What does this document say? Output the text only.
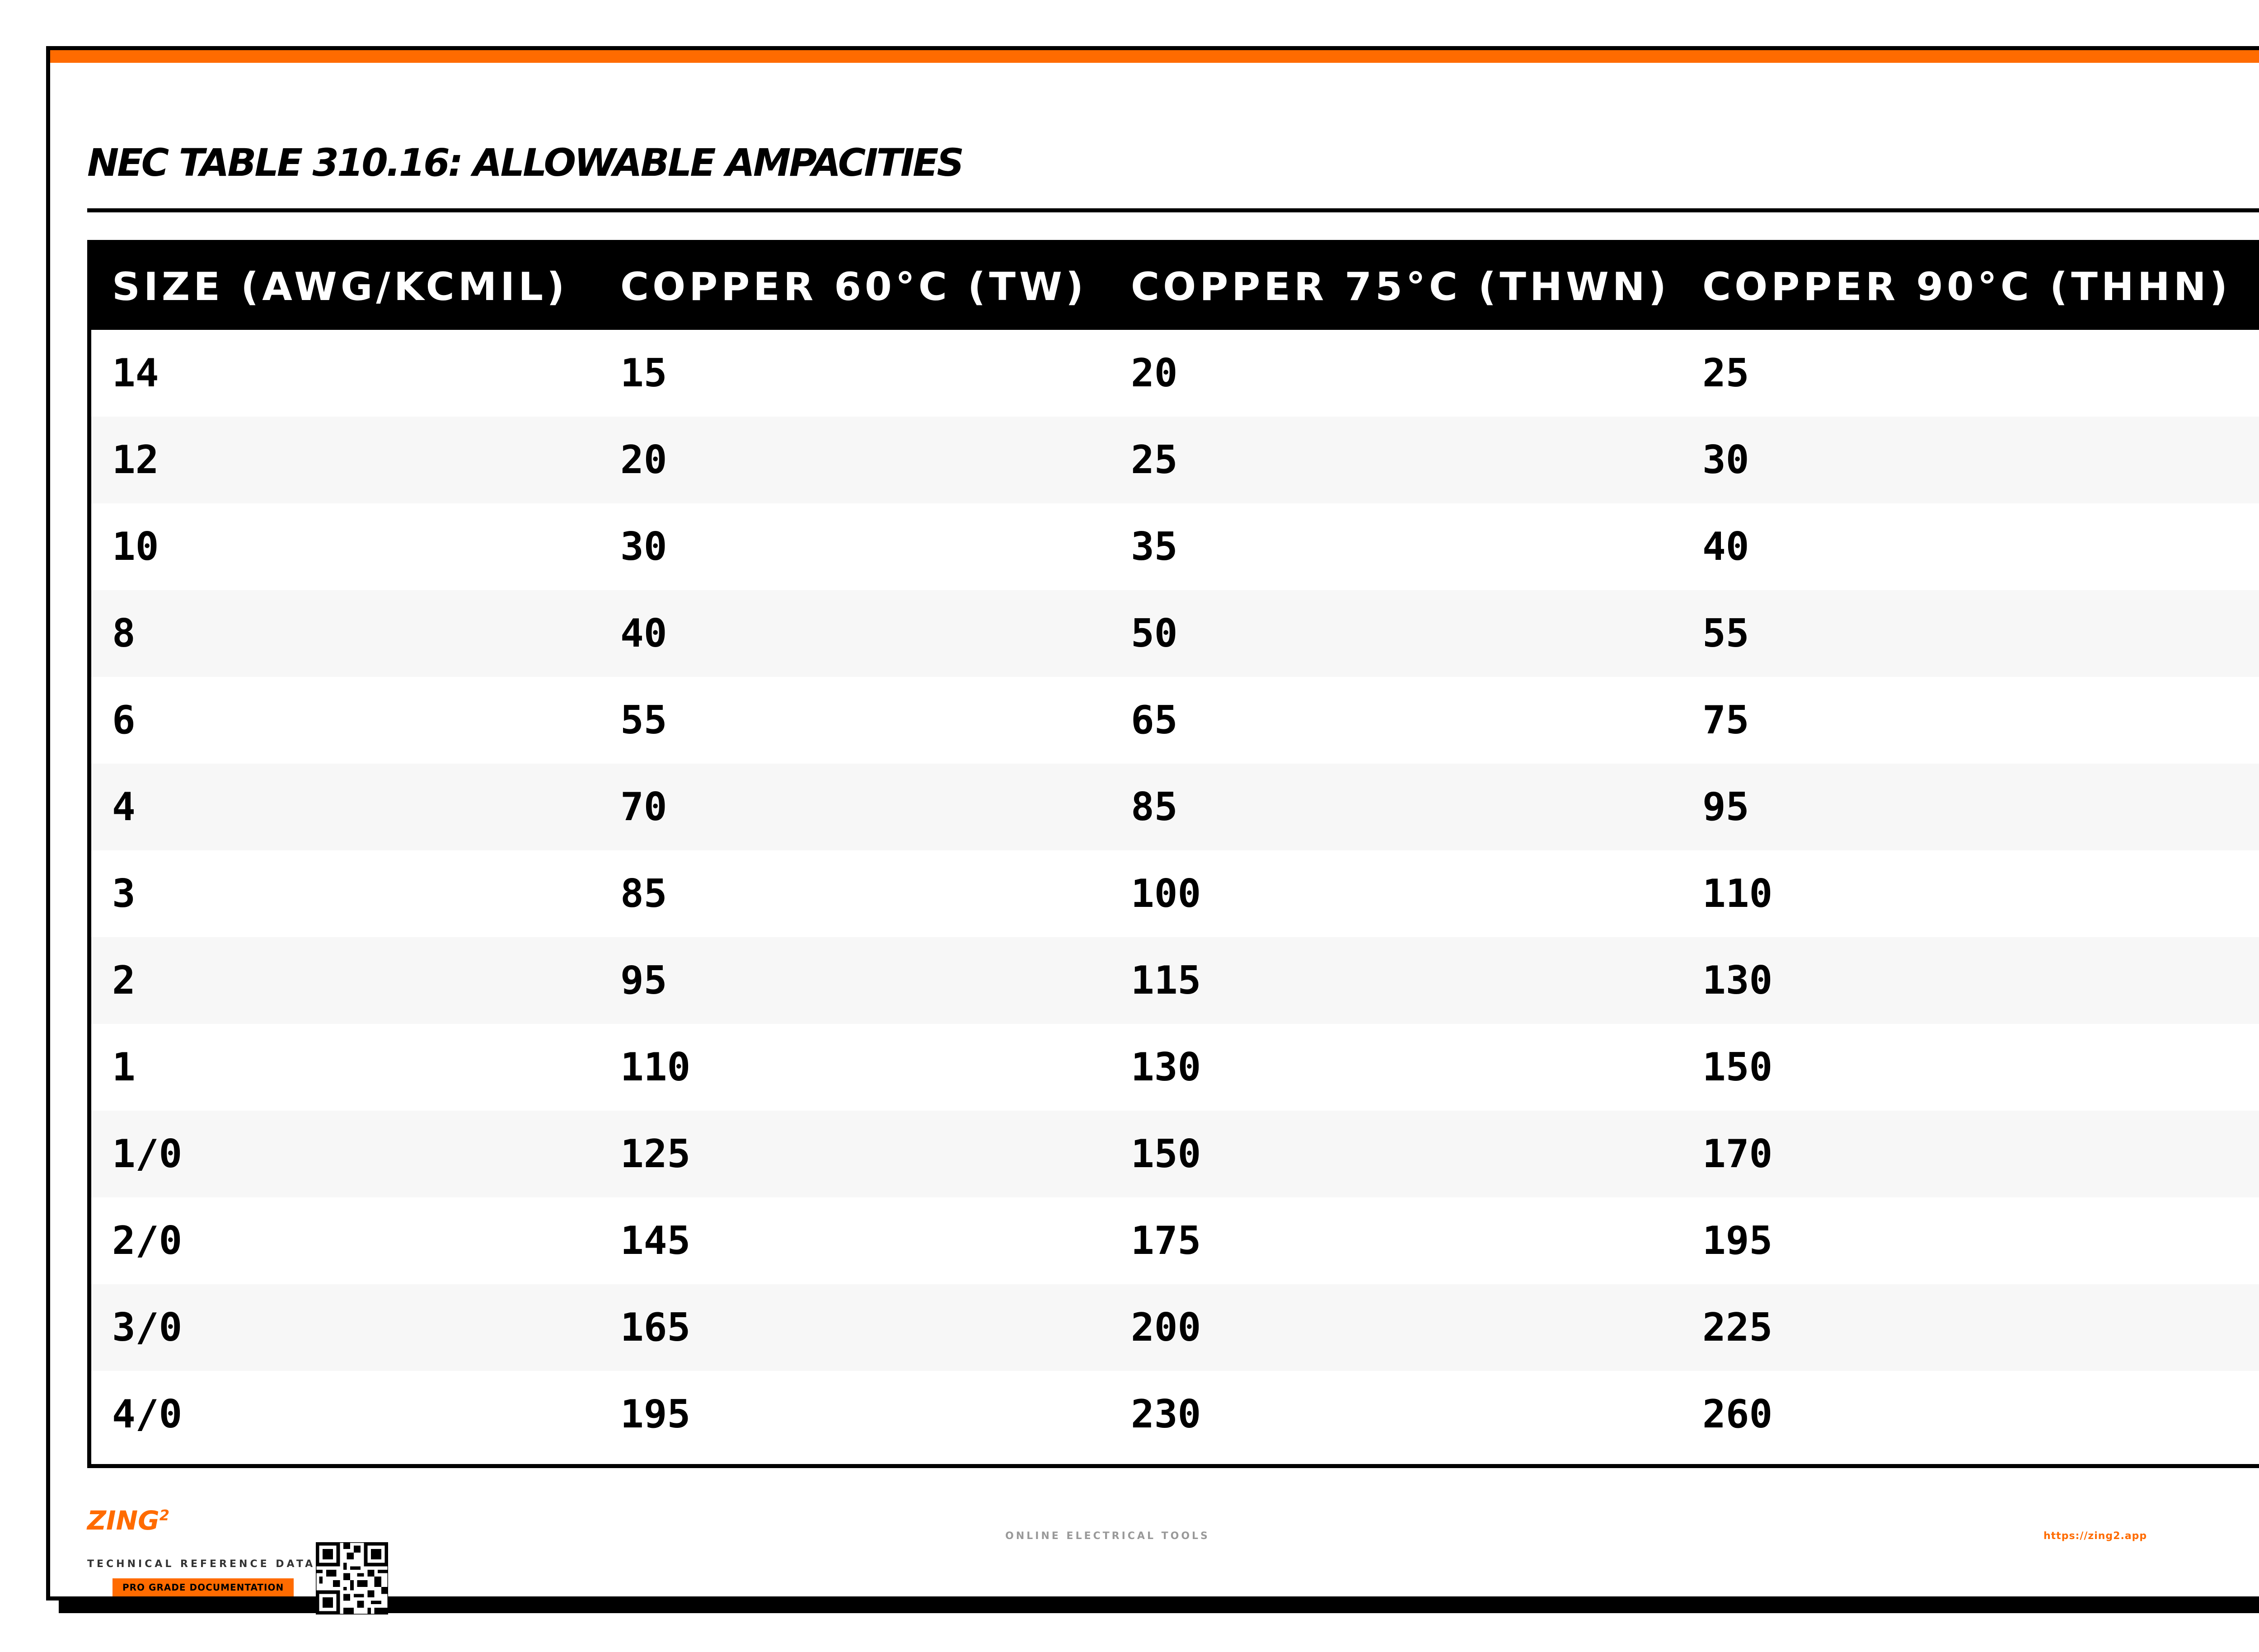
NEC TABLE 310.16: ALLOWABLE AMPACITIES
SIZE (AWG/KCMIL)	COPPER 60°C (TW)	COPPER 75°C (THWN)	COPPER 90°C (THHN)			
14	15	20	25			
12	20	25	30			
10	30	35	40			
8	40	50	55			
6	55	65	75			
4	70	85	95			
3	85	100	110			
2	95	115	130			
1	110	130	150			
1/0	125	150	170			
2/0	145	175	195			
3/0	165	200	225			
4/0	195	230	260			
ZING$^2$
TECHNICAL REFERENCE DATA
PRO GRADE DOCUMENTATION
ONLINE ELECTRICAL TOOLS	https://zing2.app
